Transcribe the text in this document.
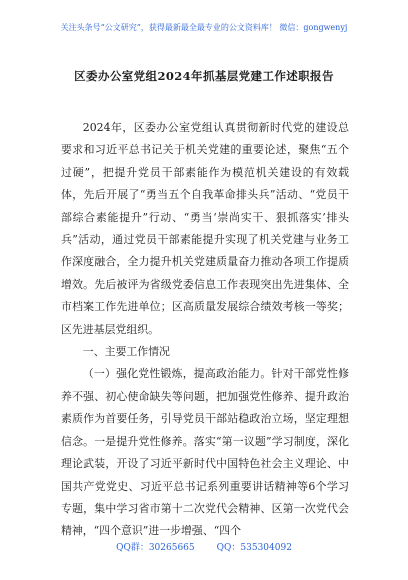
关注头条号“公文研究”，获得最新最全最专业的公文资料库！ 微信：gongwenyj
区委办公室党组2024年抓基层党建工作述职报告

2024年，区委办公室党组认真贯彻新时代党的建设总要求和习近平总书记关于机关党建的重要论述，聚焦“五个过硬”，把提升党员干部素能作为模范机关建设的有效载体，先后开展了“勇当五个自我革命排头兵”活动、“党员干部综合素能提升”行动、“勇当‘崇尚实干、狠抓落实’排头兵”活动，通过党员干部素能提升实现了机关党建与业务工作深度融合，全力提升机关党建质量奋力推动各项工作提质增效。先后被评为省级党委信息工作表现突出先进集体、全市档案工作先进单位；区高质量发展综合绩效考核一等奖；区先进基层党组织。

一、主要工作情况

（一）强化党性锻炼，提高政治能力。针对干部党性修养不强、初心使命缺失等问题，把加强党性修养、提升政治素质作为首要任务，引导党员干部站稳政治立场，坚定理想信念。一是提升党性修养。落实“第一议题”学习制度，深化理论武装，开设了习近平新时代中国特色社会主义理论、中国共产党党史、习近平总书记系列重要讲话精神等6个学习专题，集中学习省市第十二次党代会精神、区第一次党代会精神，“四个意识”进一步增强、“四个

QQ群：30265665 QQ：535304092
